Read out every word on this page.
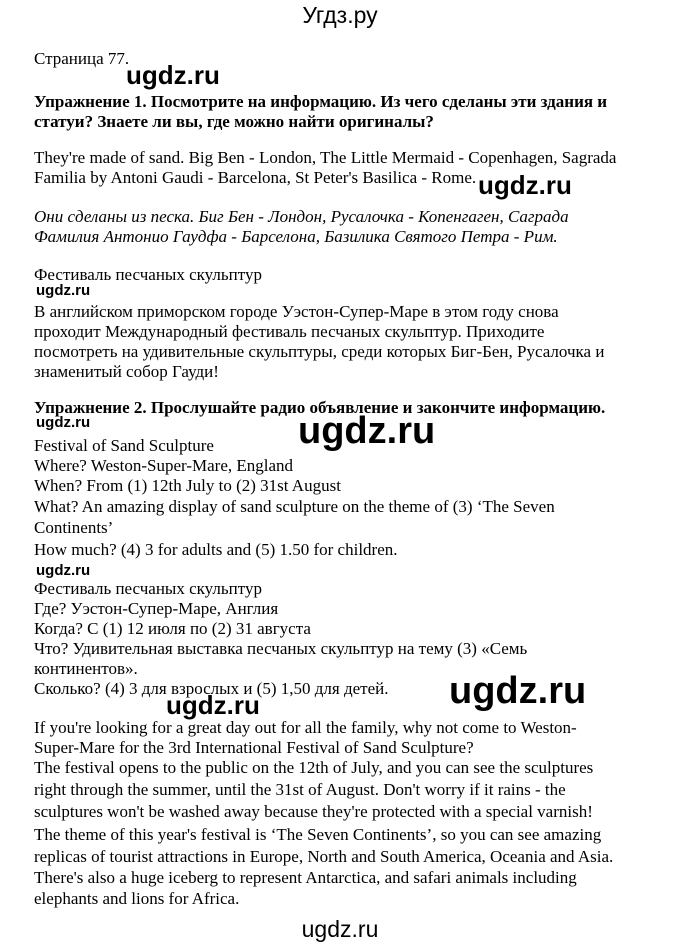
Угдз.ру
ugdz.ru
ugdz.ru
ugdz.ru
ugdz.ru	ugdz.ru
ugdz.ru
ugdz.ru
ugdz.ru
Страница 77.
Упражнение 1. Посмотрите на информацию. Из чего сделаны эти здания и
статуи? Знаете ли вы, где можно найти оригиналы?
They're made of sand. Big Ben - London, The Little Mermaid - Copenhagen, Sagrada
Familia by Antoni Gaudi - Barcelona, St Peter's Basilica - Rome.
Они сделаны из песка. Биг Бен - Лондон, Русалочка - Копенгаген, Саграда
Фамилия Антонио Гаудфа - Барселона, Базилика Святого Петра - Рим.
Фестиваль песчаных скульптур
В английском приморском городе Уэстон-Супер-Маре в этом году снова
проходит Международный фестиваль песчаных скульптур. Приходите
посмотреть на удивительные скульптуры, среди которых Биг-Бен, Русалочка и
знаменитый собор Гауди!
Упражнение 2. Прослушайте радио объявление и закончите информацию.
Festival of Sand Sculpture
Where? Weston-Super-Mare, England
When? From (1) 12th July to (2) 31st August
What? An amazing display of sand sculpture on the theme of (3) ‘The Seven
Continents’
How much? (4) 3 for adults and (5) 1.50 for children.
Фестиваль песчаных скульптур
Где? Уэстон-Супер-Маре, Англия
Когда? С (1) 12 июля по (2) 31 августа
Что? Удивительная выставка песчаных скульптур на тему (3) «Семь
континентов».
Сколько? (4) 3 для взрослых и (5) 1,50 для детей.
If you're looking for a great day out for all the family, why not come to Weston-
Super-Mare for the 3rd International Festival of Sand Sculpture?
The festival opens to the public on the 12th of July, and you can see the sculptures
right through the summer, until the 31st of August. Don't worry if it rains - the
sculptures won't be washed away because they're protected with a special varnish!
The theme of this year's festival is ‘The Seven Continents’, so you can see amazing
replicas of tourist attractions in Europe, North and South America, Oceania and Asia.
There's also a huge iceberg to represent Antarctica, and safari animals including
elephants and lions for Africa.
ugdz.ru
